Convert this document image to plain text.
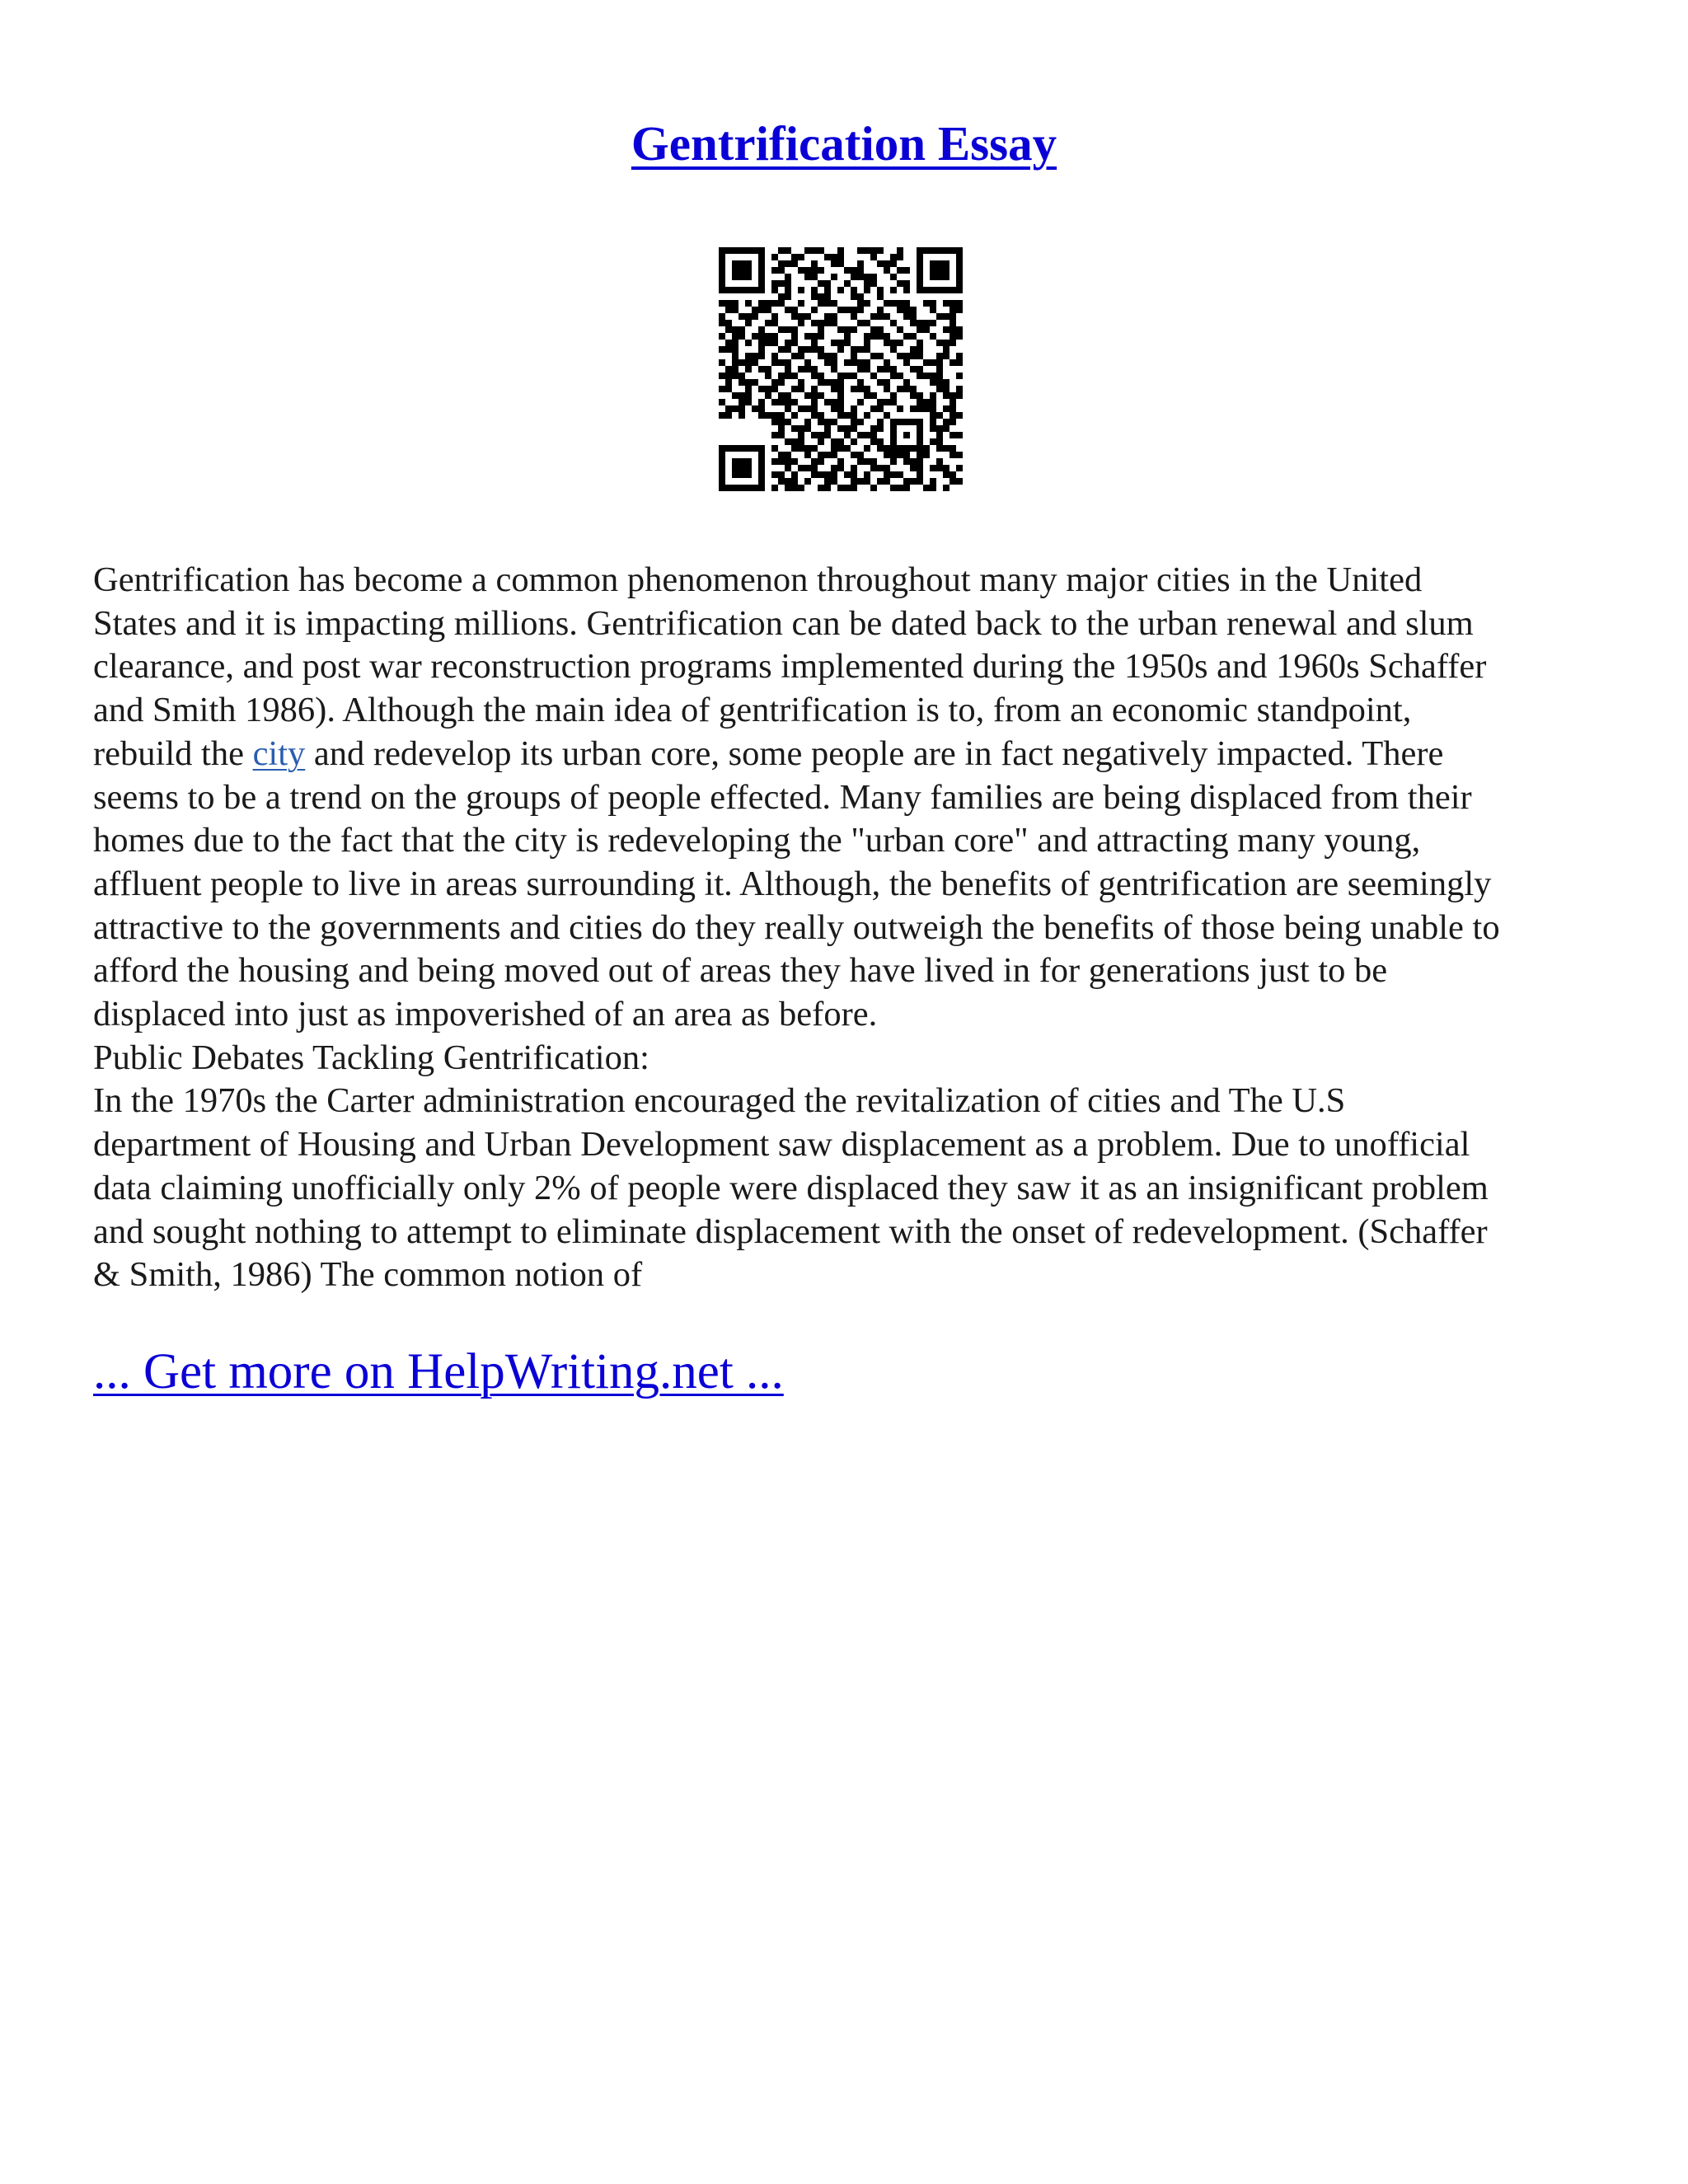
Gentrification Essay
Gentrification has become a common phenomenon throughout many major cities in the United
States and it is impacting millions. Gentrification can be dated back to the urban renewal and slum
clearance, and post war reconstruction programs implemented during the 1950s and 1960s Schaffer
and Smith 1986). Although the main idea of gentrification is to, from an economic standpoint,
rebuild the city and redevelop its urban core, some people are in fact negatively impacted. There
seems to be a trend on the groups of people effected. Many families are being displaced from their
homes due to the fact that the city is redeveloping the "urban core" and attracting many young,
affluent people to live in areas surrounding it. Although, the benefits of gentrification are seemingly
attractive to the governments and cities do they really outweigh the benefits of those being unable to
afford the housing and being moved out of areas they have lived in for generations just to be
displaced into just as impoverished of an area as before.
Public Debates Tackling Gentrification:
In the 1970s the Carter administration encouraged the revitalization of cities and The U.S
department of Housing and Urban Development saw displacement as a problem. Due to unofficial
data claiming unofficially only 2% of people were displaced they saw it as an insignificant problem
and sought nothing to attempt to eliminate displacement with the onset of redevelopment. (Schaffer
& Smith, 1986) The common notion of
... Get more on HelpWriting.net ...
